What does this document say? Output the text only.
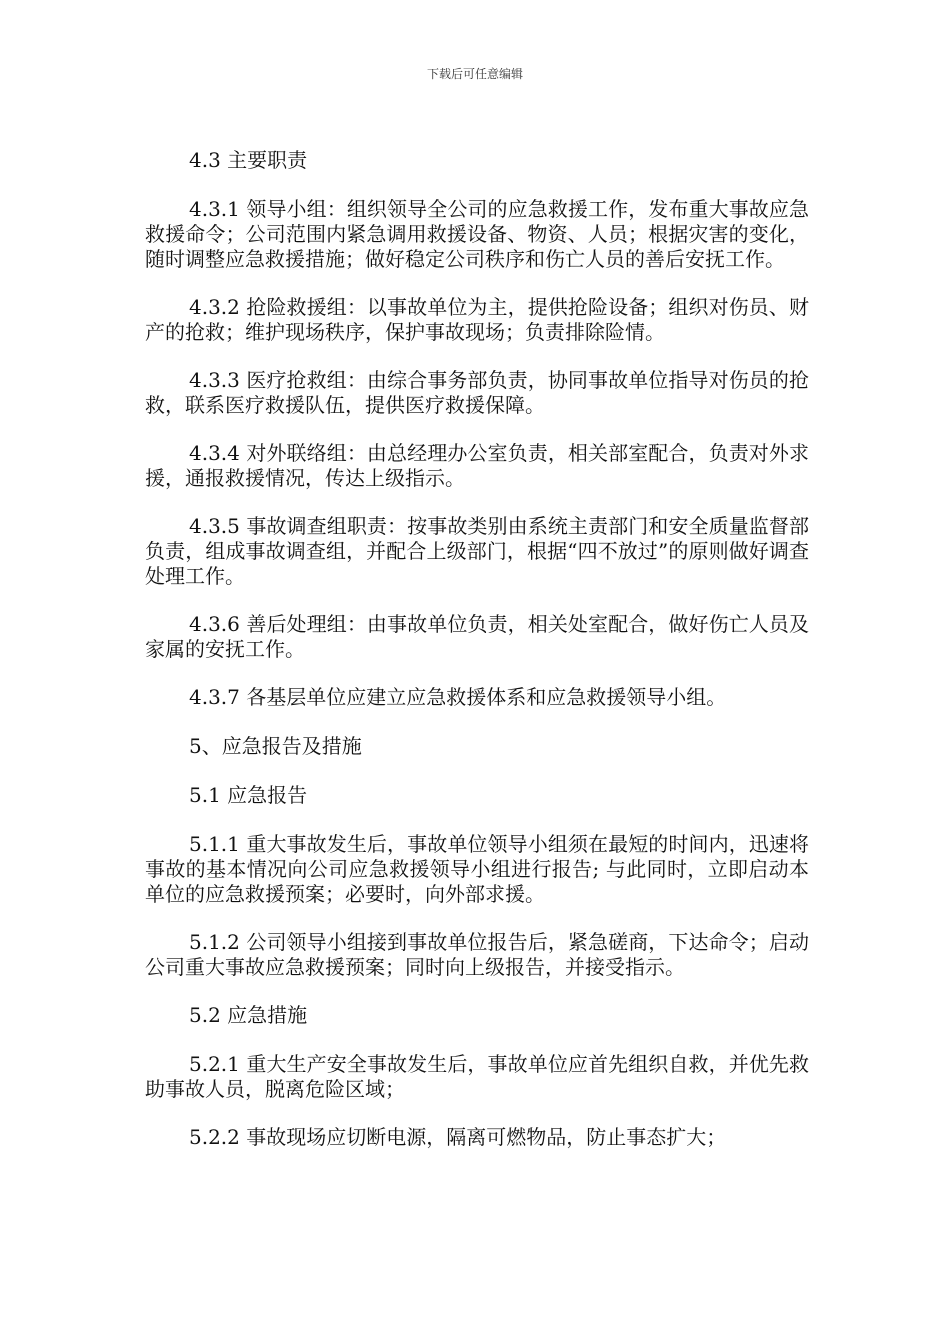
下载后可任意编辑

4.3 主要职责

4.3.1 领导小组：组织领导全公司的应急救援工作，发布重大事故应急救援命令；公司范围内紧急调用救援设备、物资、人员；根据灾害的变化，随时调整应急救援措施；做好稳定公司秩序和伤亡人员的善后安抚工作。

4.3.2 抢险救援组：以事故单位为主，提供抢险设备；组织对伤员、财产的抢救；维护现场秩序，保护事故现场；负责排除险情。

4.3.3 医疗抢救组：由综合事务部负责，协同事故单位指导对伤员的抢救，联系医疗救援队伍，提供医疗救援保障。

4.3.4 对外联络组：由总经理办公室负责，相关部室配合，负责对外求援，通报救援情况，传达上级指示。

4.3.5 事故调查组职责：按事故类别由系统主责部门和安全质量监督部负责，组成事故调查组，并配合上级部门，根据“四不放过”的原则做好调查处理工作。

4.3.6 善后处理组：由事故单位负责，相关处室配合，做好伤亡人员及家属的安抚工作。

4.3.7 各基层单位应建立应急救援体系和应急救援领导小组。

5、应急报告及措施

5.1 应急报告

5.1.1 重大事故发生后，事故单位领导小组须在最短的时间内，迅速将事故的基本情况向公司应急救援领导小组进行报告; 与此同时，立即启动本单位的应急救援预案；必要时，向外部求援。

5.1.2 公司领导小组接到事故单位报告后，紧急磋商，下达命令；启动公司重大事故应急救援预案；同时向上级报告，并接受指示。

5.2 应急措施

5.2.1 重大生产安全事故发生后，事故单位应首先组织自救，并优先救助事故人员，脱离危险区域；

5.2.2 事故现场应切断电源，隔离可燃物品，防止事态扩大；
